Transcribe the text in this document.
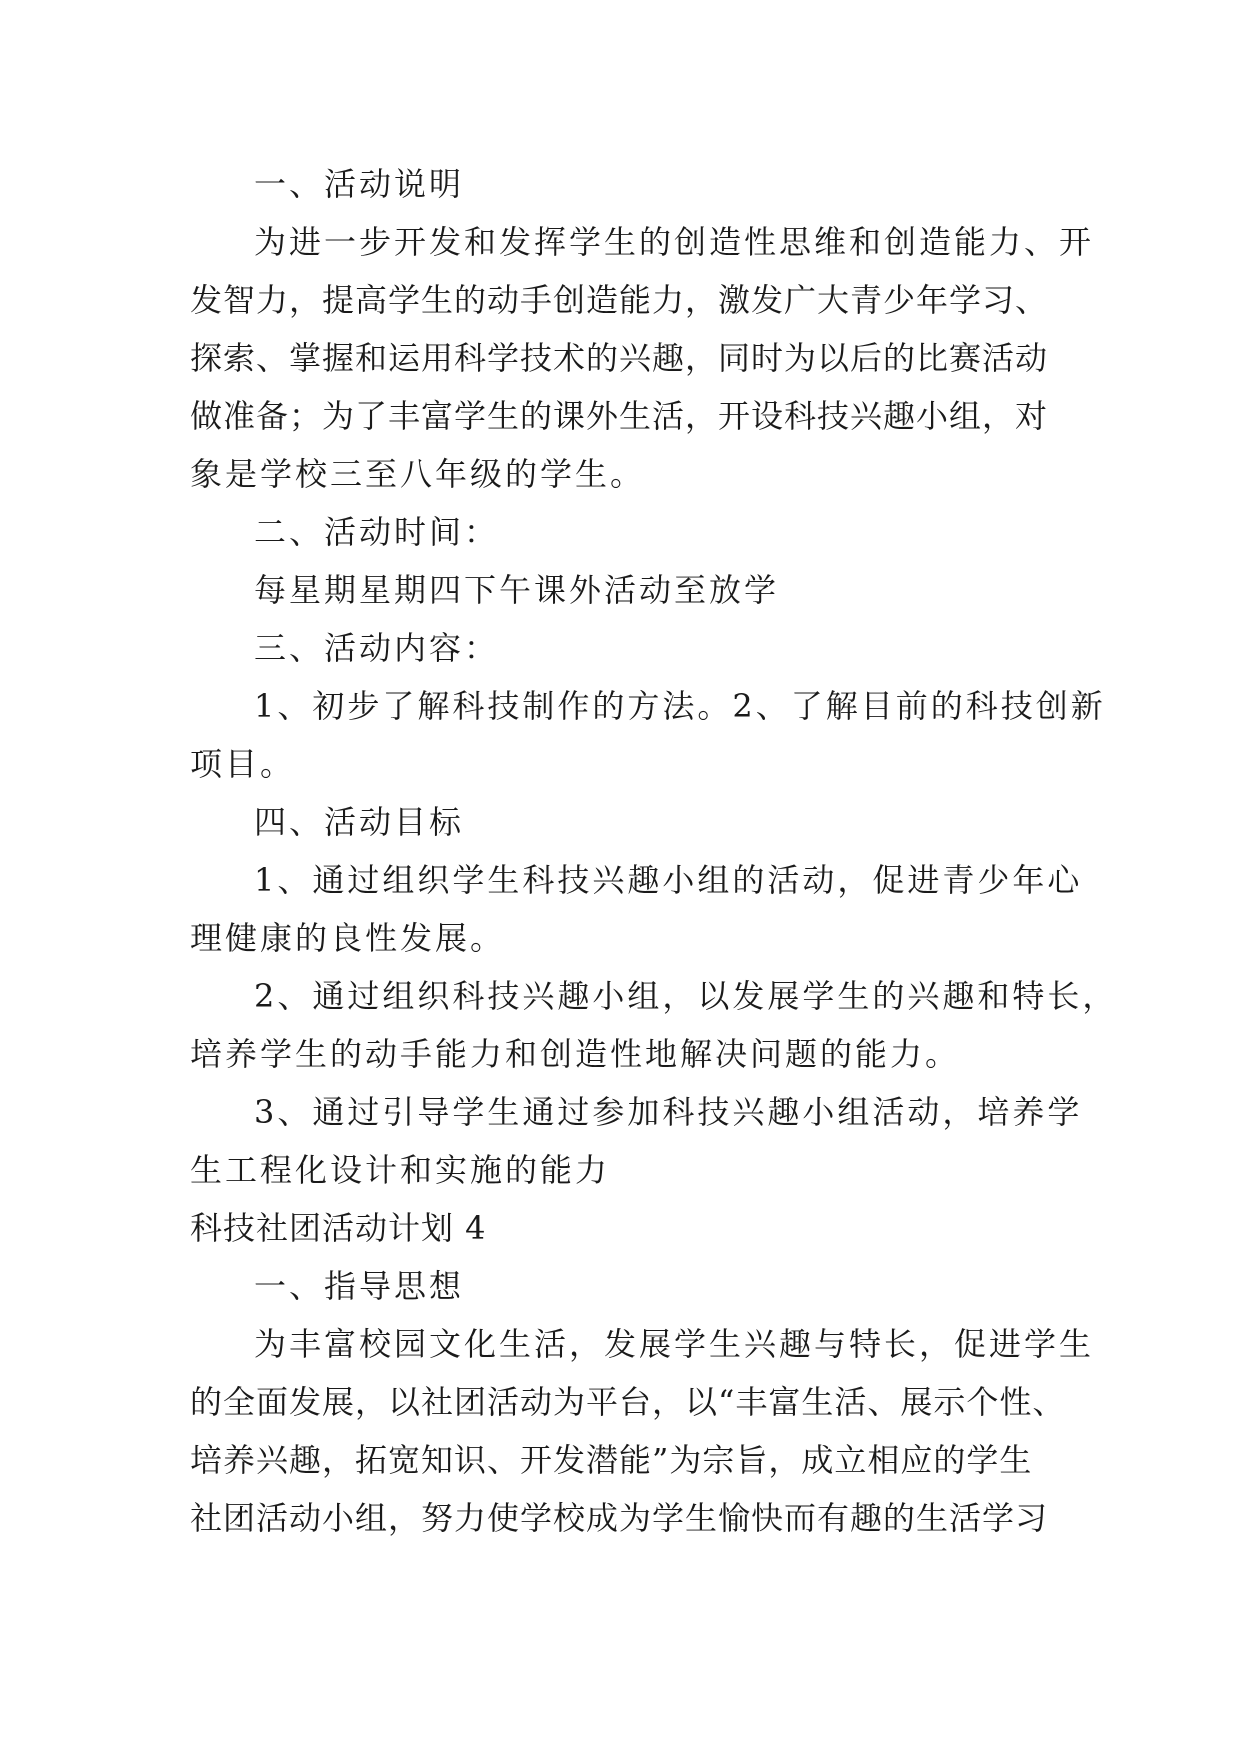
一、活动说明
为进一步开发和发挥学生的创造性思维和创造能力、开
发智力，提高学生的动手创造能力，激发广大青少年学习、
探索、掌握和运用科学技术的兴趣，同时为以后的比赛活动
做准备；为了丰富学生的课外生活，开设科技兴趣小组，对
象是学校三至八年级的学生。
二、活动时间：
每星期星期四下午课外活动至放学
三、活动内容：
1、初步了解科技制作的方法。2、了解目前的科技创新
项目。
四、活动目标
1、通过组织学生科技兴趣小组的活动，促进青少年心
理健康的良性发展。
2、通过组织科技兴趣小组，以发展学生的兴趣和特长，
培养学生的动手能力和创造性地解决问题的能力。
3、通过引导学生通过参加科技兴趣小组活动，培养学
生工程化设计和实施的能力
科技社团活动计划 4
一、指导思想
为丰富校园文化生活，发展学生兴趣与特长，促进学生
的全面发展，以社团活动为平台，以“丰富生活、展示个性、
培养兴趣，拓宽知识、开发潜能”为宗旨，成立相应的学生
社团活动小组，努力使学校成为学生愉快而有趣的生活学习
